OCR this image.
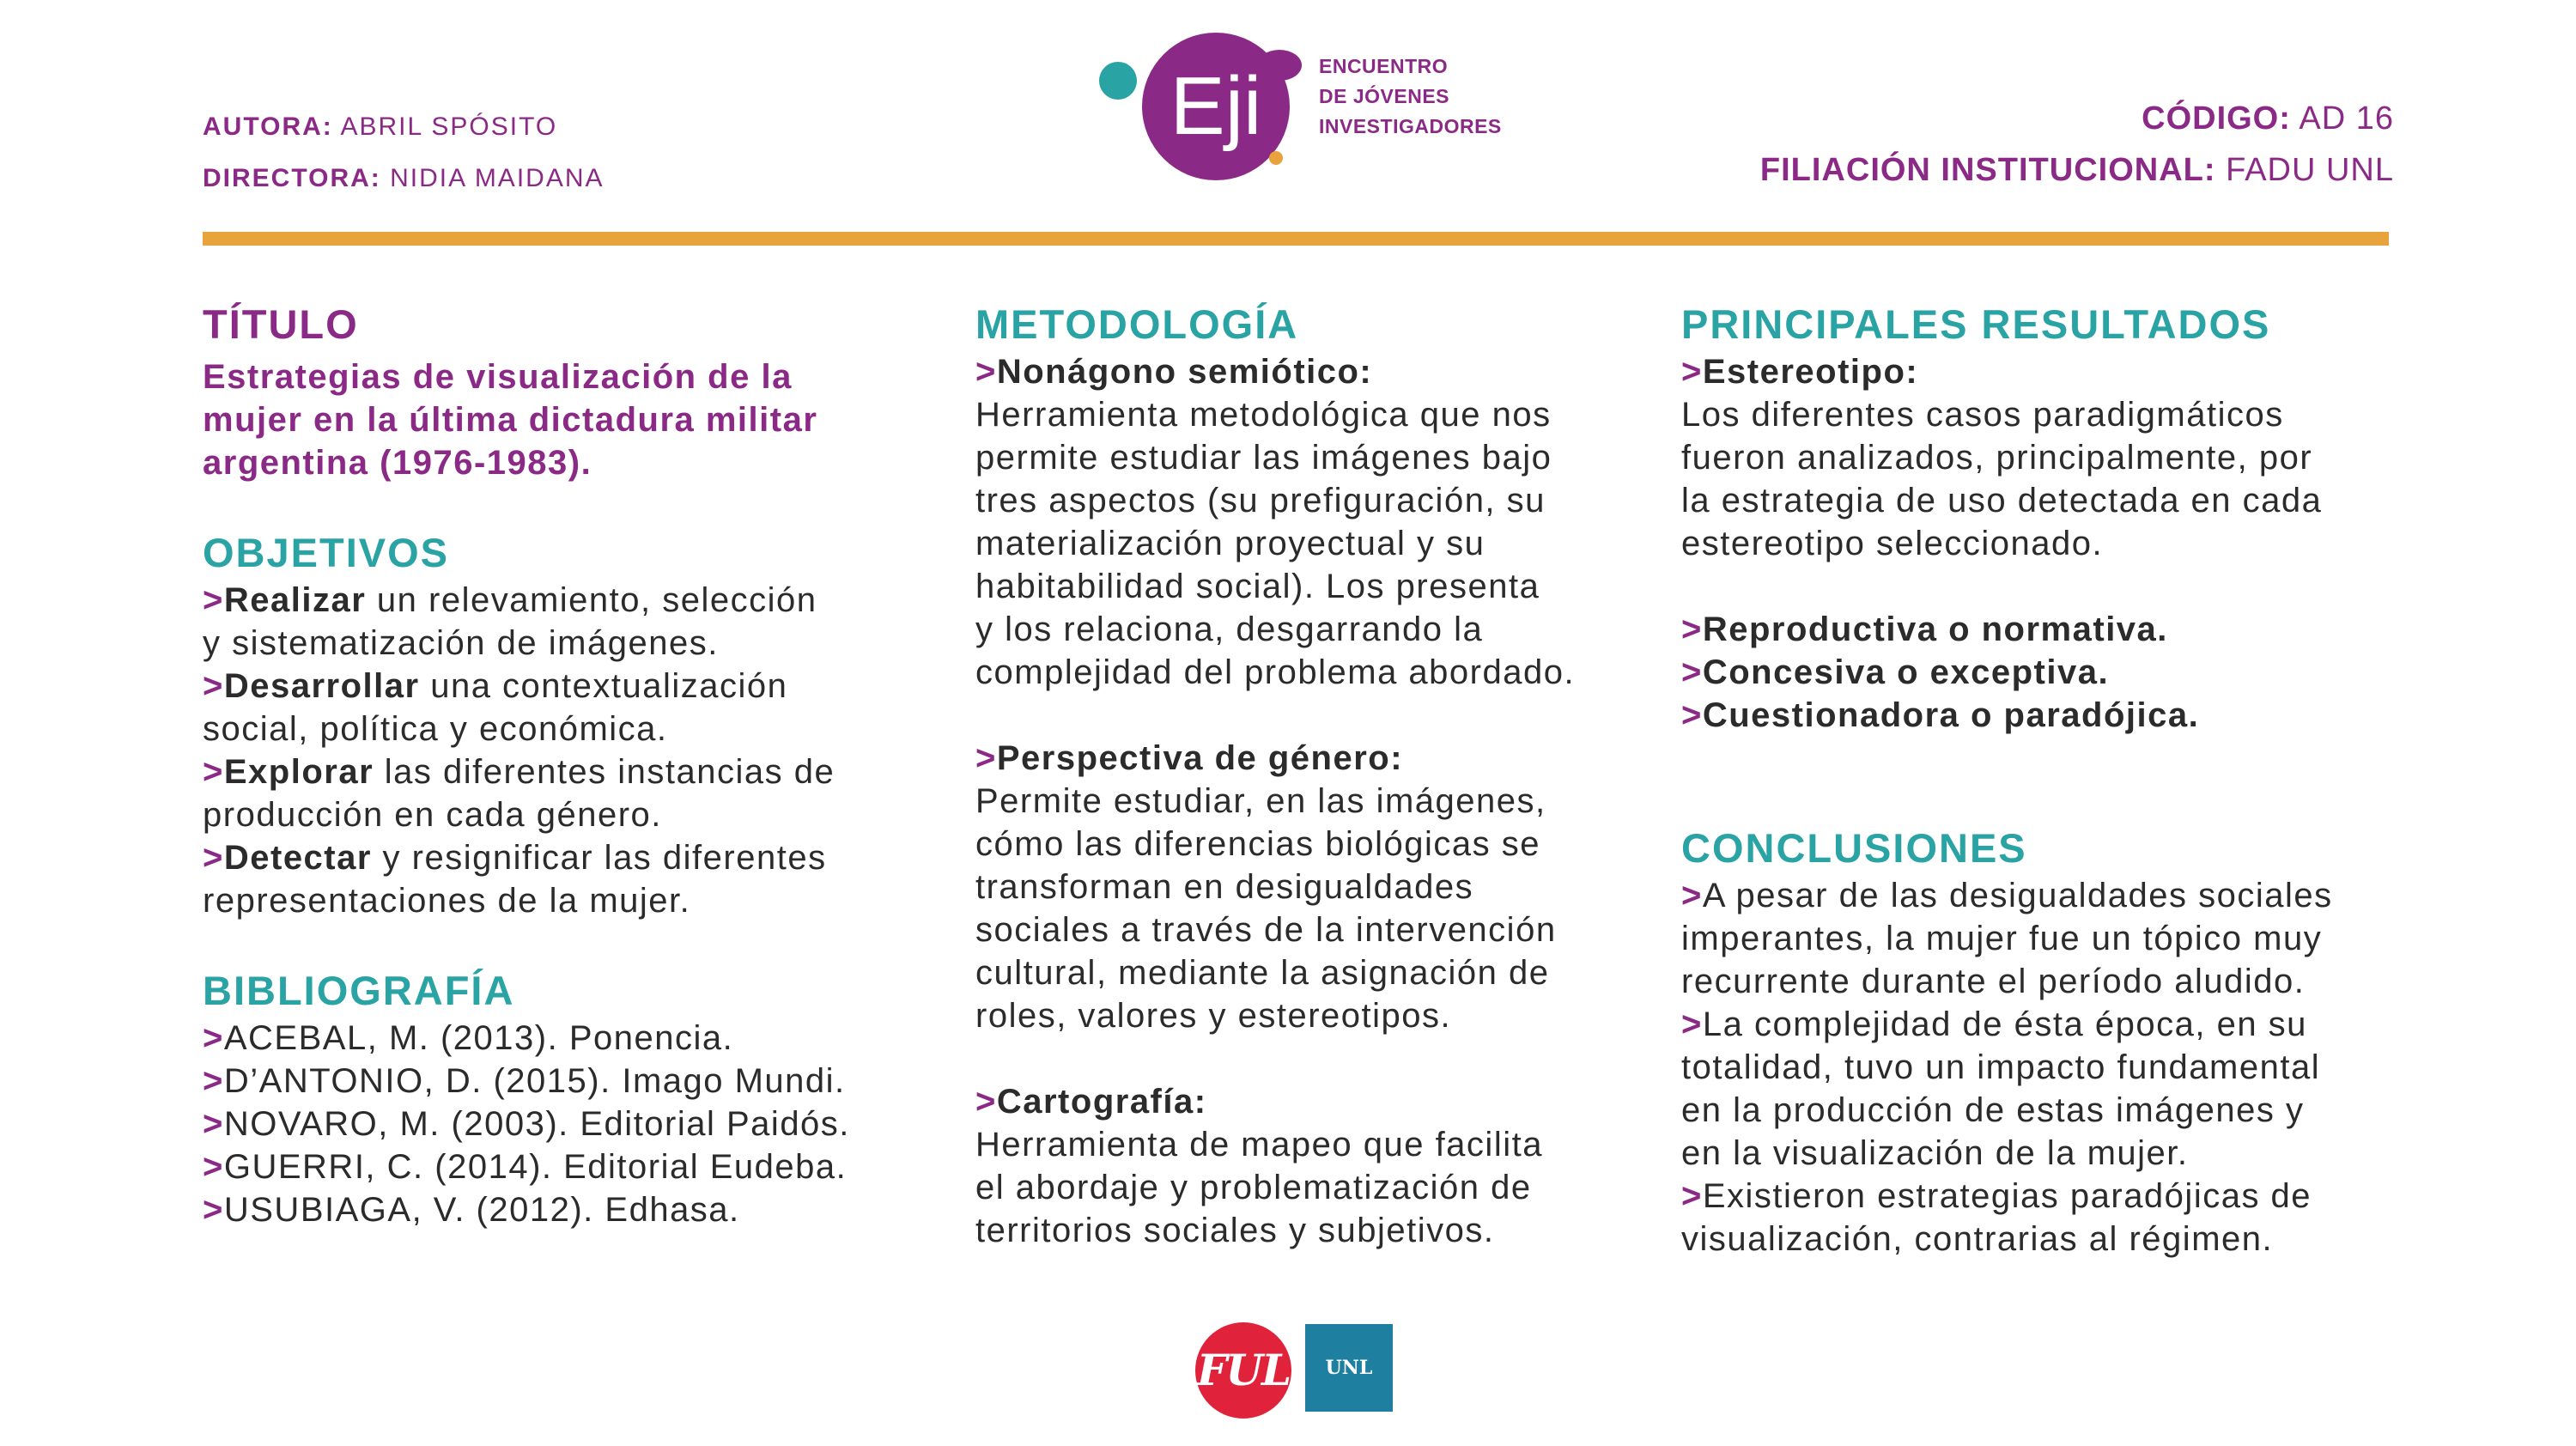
AUTORA: ABRIL SPÓSITO
DIRECTORA: NIDIA MAIDANA
Eji	ENCUENTRO
DE JÓVENES
INVESTIGADORES	CÓDIGO: AD 16
FILIACIÓN INSTITUCIONAL: FADU UNL
TÍTULO
Estrategias de visualización de la
mujer en la última dictadura militar
argentina (1976-1983).
OBJETIVOS
>Realizar un relevamiento, selección
y sistematización de imágenes.
>Desarrollar una contextualización
social, política y económica.
>Explorar las diferentes instancias de
producción en cada género.
>Detectar y resignificar las diferentes
representaciones de la mujer.
BIBLIOGRAFÍA
>ACEBAL, M. (2013). Ponencia.
>D’ANTONIO, D. (2015). Imago Mundi.
>NOVARO, M. (2003). Editorial Paidós.
>GUERRI, C. (2014). Editorial Eudeba.
>USUBIAGA, V. (2012). Edhasa.
METODOLOGÍA
>Nonágono semiótico:
Herramienta metodológica que nos
permite estudiar las imágenes bajo
tres aspectos (su prefiguración, su
materialización proyectual y su
habitabilidad social). Los presenta
y los relaciona, desgarrando la
complejidad del problema abordado.
>Perspectiva de género:
Permite estudiar, en las imágenes,
cómo las diferencias biológicas se
transforman en desigualdades
sociales a través de la intervención
cultural, mediante la asignación de
roles, valores y estereotipos.
>Cartografía:
Herramienta de mapeo que facilita
el abordaje y problematización de
territorios sociales y subjetivos.
PRINCIPALES RESULTADOS
>Estereotipo:
Los diferentes casos paradigmáticos
fueron analizados, principalmente, por
la estrategia de uso detectada en cada
estereotipo seleccionado.
>Reproductiva o normativa.
>Concesiva o exceptiva.
>Cuestionadora o paradójica.
CONCLUSIONES
>A pesar de las desigualdades sociales
imperantes, la mujer fue un tópico muy
recurrente durante el período aludido.
>La complejidad de ésta época, en su
totalidad, tuvo un impacto fundamental
en la producción de estas imágenes y
en la visualización de la mujer.
>Existieron estrategias paradójicas de
visualización, contrarias al régimen.
FUL	UNL
